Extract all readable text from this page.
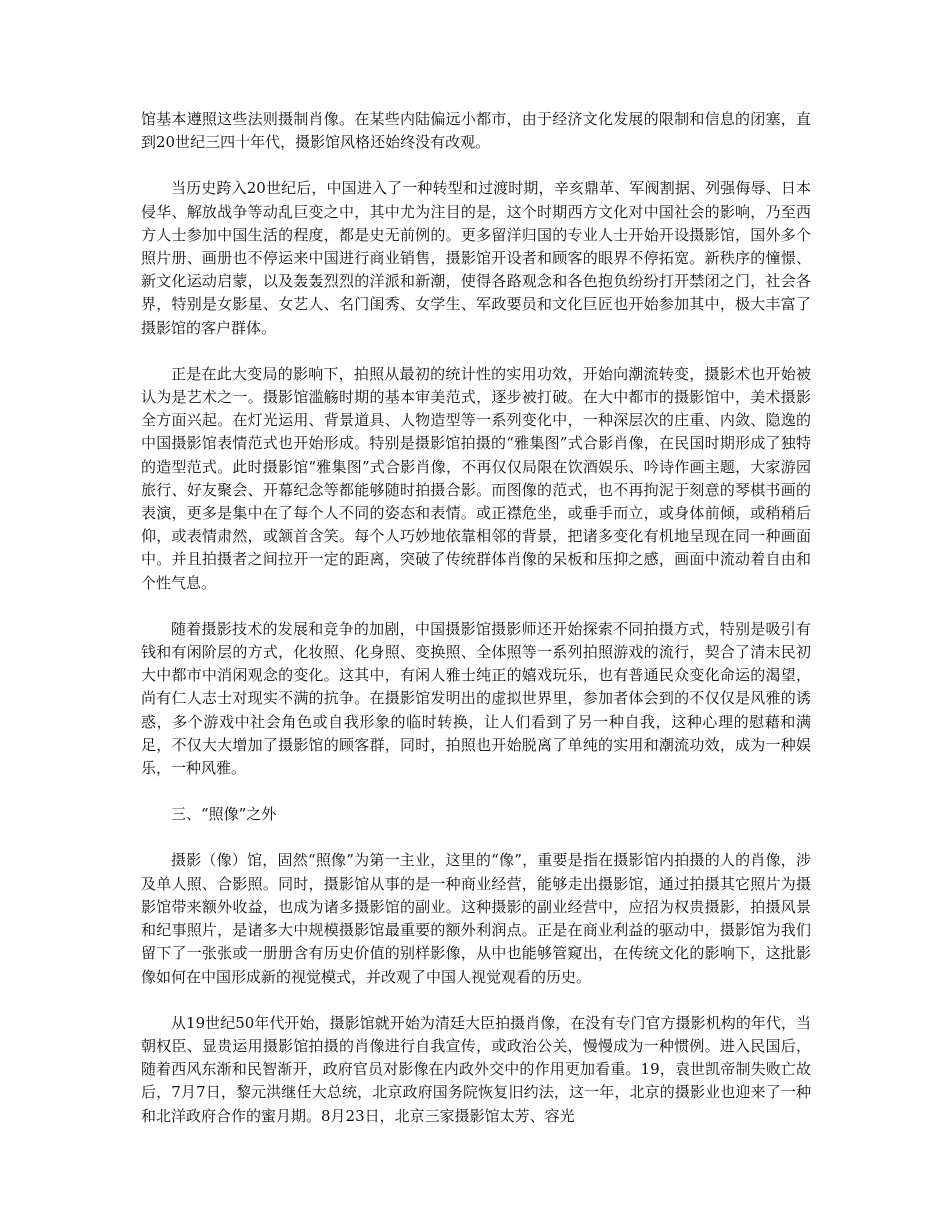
馆基本遵照这些法则摄制肖像。在某些内陆偏远小都市，由于经济文化发展的限制和信息的闭塞，直到20世纪三四十年代，摄影馆风格还始终没有改观。

当历史跨入20世纪后，中国进入了一种转型和过渡时期，辛亥鼎革、军阀割据、列强侮辱、日本侵华、解放战争等动乱巨变之中，其中尤为注目的是，这个时期西方文化对中国社会的影响，乃至西方人士参加中国生活的程度，都是史无前例的。更多留洋归国的专业人士开始开设摄影馆，国外多个照片册、画册也不停运来中国进行商业销售，摄影馆开设者和顾客的眼界不停拓宽。新秩序的憧憬、新文化运动启蒙，以及轰轰烈烈的洋派和新潮，使得各路观念和各色抱负纷纷打开禁闭之门，社会各界，特别是女影星、女艺人、名门闺秀、女学生、军政要员和文化巨匠也开始参加其中，极大丰富了摄影馆的客户群体。

正是在此大变局的影响下，拍照从最初的统计性的实用功效，开始向潮流转变，摄影术也开始被认为是艺术之一。摄影馆滥觞时期的基本审美范式，逐步被打破。在大中都市的摄影馆中，美术摄影全方面兴起。在灯光运用、背景道具、人物造型等一系列变化中，一种深层次的庄重、内敛、隐逸的中国摄影馆表情范式也开始形成。特别是摄影馆拍摄的“雅集图”式合影肖像，在民国时期形成了独特的造型范式。此时摄影馆“雅集图”式合影肖像，不再仅仅局限在饮酒娱乐、吟诗作画主题，大家游园旅行、好友聚会、开幕纪念等都能够随时拍摄合影。而图像的范式，也不再拘泥于刻意的琴棋书画的表演，更多是集中在了每个人不同的姿态和表情。或正襟危坐，或垂手而立，或身体前倾，或稍稍后仰，或表情肃然，或颔首含笑。每个人巧妙地依靠相邻的背景，把诸多变化有机地呈现在同一种画面中。并且拍摄者之间拉开一定的距离，突破了传统群体肖像的呆板和压抑之感，画面中流动着自由和个性气息。

随着摄影技术的发展和竞争的加剧，中国摄影馆摄影师还开始探索不同拍摄方式，特别是吸引有钱和有闲阶层的方式，化妆照、化身照、变换照、全体照等一系列拍照游戏的流行，契合了清末民初大中都市中消闲观念的变化。这其中，有闲人雅士纯正的嬉戏玩乐，也有普通民众变化命运的渴望，尚有仁人志士对现实不满的抗争。在摄影馆发明出的虚拟世界里，参加者体会到的不仅仅是风雅的诱惑，多个游戏中社会角色或自我形象的临时转换，让人们看到了另一种自我，这种心理的慰藉和满足，不仅大大增加了摄影馆的顾客群，同时，拍照也开始脱离了单纯的实用和潮流功效，成为一种娱乐，一种风雅。

三、“照像”之外

摄影（像）馆，固然“照像”为第一主业，这里的“像”，重要是指在摄影馆内拍摄的人的肖像，涉及单人照、合影照。同时，摄影馆从事的是一种商业经营，能够走出摄影馆，通过拍摄其它照片为摄影馆带来额外收益，也成为诸多摄影馆的副业。这种摄影的副业经营中，应招为权贵摄影，拍摄风景和纪事照片，是诸多大中规模摄影馆最重要的额外利润点。正是在商业利益的驱动中，摄影馆为我们留下了一张张或一册册含有历史价值的别样影像，从中也能够管窥出，在传统文化的影响下，这批影像如何在中国形成新的视觉模式，并改观了中国人视觉观看的历史。

从19世纪50年代开始，摄影馆就开始为清廷大臣拍摄肖像，在没有专门官方摄影机构的年代，当朝权臣、显贵运用摄影馆拍摄的肖像进行自我宣传，或政治公关，慢慢成为一种惯例。进入民国后，随着西风东渐和民智渐开，政府官员对影像在内政外交中的作用更加看重。19，袁世凯帝制失败亡故后，7月7日，黎元洪继任大总统，北京政府国务院恢复旧约法，这一年，北京的摄影业也迎来了一种和北洋政府合作的蜜月期。8月23日，北京三家摄影馆太芳、容光
